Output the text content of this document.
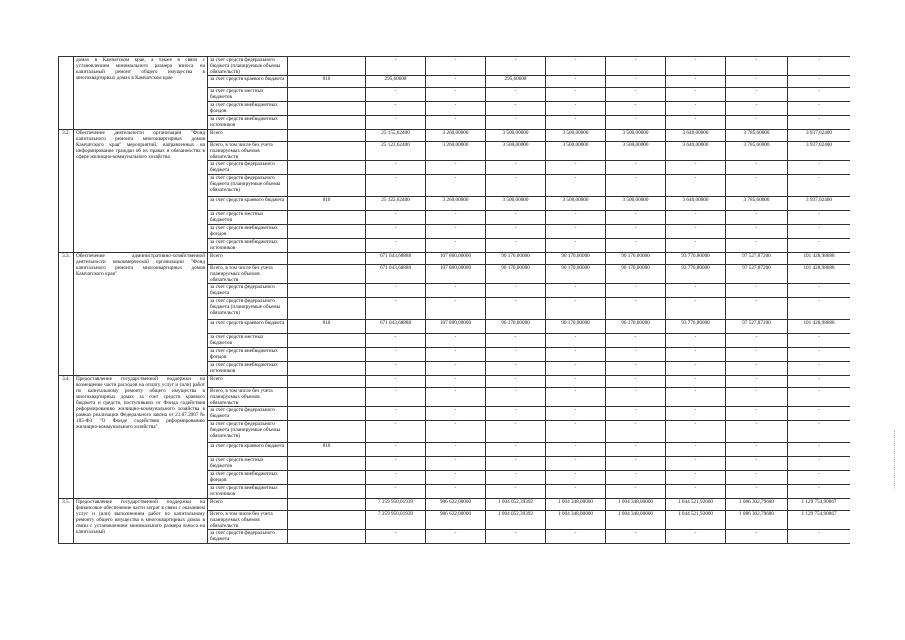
	домах в Камчатском крае, а также в связи с установлением минимального размера взноса на капитальный ремонт общего имущества в многоквартирных домах в Камчатском крае	за счет средств федерального бюджета (планируемые объемы обязательств)		-	-	-	-	-	-	-	-
		за счет средств краевого бюджета	810	295,60608	-	295,60608	-	-	-	-	-
		за счет средств местных бюджетов		-	-	-	-	-	-	-	-
		за счет средств внебюджетных фондов		-	-	-	-	-	-	-	-
		за счет средств внебюджетных источников		-	-	-	-	-	-	-	-
3.2.	Обеспечение деятельности организации "Фонд капитального ремонта многоквартирных домов Камчатского края" мероприятий, направленных на информирование граждан об их правах и обязанностях в сфере жилищно-коммунального хозяйства	Всего		25 155,62400	3 260,00000	3 500,00000	3 500,00000	3 500,00000	3 640,00000	3 785,60000	3 937,02400
		Всего, в том числе без учета планируемых объемов обязательств		25 122,62400	3 260,00000	3 500,00000	3 500,00000	3 500,00000	3 640,00000	3 785,60000	3 937,02400
		за счет средств федерального бюджета		-	-	-	-	-	-	-	-
		за счет средств федерального бюджета (планируемые объемы обязательств)		-	-	-	-	-	-	-	-
		за счет средств краевого бюджета	810	25 122,62400	3 260,00000	3 500,00000	3 500,00000	3 500,00000	3 640,00000	3 785,60000	3 937,02400
		за счет средств местных бюджетов		-	-	-	-	-	-	-	-
		за счет средств внебюджетных фондов		-	-	-	-	-	-	-	-
		за счет средств внебюджетных источников		-	-	-	-	-	-	-	-
3.3.	Обеспечение административно-хозяйственной деятельности некоммерческой организации "Фонд капитального ремонта многоквартирных домов Камчатского края"	Всего		671 043,68888	107 800,00000	90 170,00000	90 170,00000	90 170,00000	93 776,80000	97 527,87200	101 428,98688
		Всего, в том числе без учета планируемых объемов обязательств		671 043,68888	107 800,00000	90 170,00000	90 170,00000	90 170,00000	93 776,80000	97 527,87200	101 428,98688
		за счет средств федерального бюджета		-	-	-	-	-	-	-	-
		за счет средств федерального бюджета (планируемые объемы обязательств)		-	-	-	-	-	-	-	-
		за счет средств краевого бюджета	810	671 043,68888	107 800,00000	90 170,00000	90 170,00000	90 170,00000	93 776,80000	97 527,87200	101 428,98688
		за счет средств местных бюджетов		-	-	-	-	-	-	-	-
		за счет средств внебюджетных фондов		-	-	-	-	-	-	-	-
		за счет средств внебюджетных источников		-	-	-	-	-	-	-	-
3.4.	Предоставление государственной поддержки на возмещение части расходов на оплату услуг и (или) работ по капитальному ремонту общего имущества в многоквартирных домах за счет средств краевого бюджета и средств, поступивших от Фонда содействия реформированию жилищно-коммунального хозяйства в рамках реализации Федерального закона от 21.07.2007 № 185-ФЗ "О Фонде содействия реформированию жилищно-коммунального хозяйства"	Всего		-	-	-	-	-	-	-	-
		Всего, в том числе без учета планируемых объемов обязательств		-	-	-	-	-	-	-	-
		за счет средств федерального бюджета		-	-	-	-	-	-	-	-
		за счет средств федерального бюджета (планируемые объемы обязательств)		-	-	-	-	-	-	-	-
		за счет средств краевого бюджета	810	-	-	-	-	-	-	-	-
		за счет средств местных бюджетов		-	-	-	-	-	-	-	-
		за счет средств внебюджетных фондов		-	-	-	-	-	-	-	-
		за счет средств внебюджетных источников		-	-	-	-	-	-	-	-
3.5.	Предоставление государственной поддержки на финансовое обеспечение части затрат в связи с оказанием услуг и (или) выполнением работ по капитальному ремонту общего имущества в многоквартирных домах в связи с установлением минимального размера взноса на капитальный	Всего		7 259 950,01939	986 622,00000	1 004 052,39392	1 004 348,00000	1 004 348,00000	1 044 521,92000	1 086 302,79680	1 129 754,90867
		Всего, в том числе без учета планируемых объемов обязательств		7 259 950,01939	986 622,00000	1 004 052,39392	1 004 348,00000	1 004 348,00000	1 044 521,92000	1 086 302,79680	1 129 754,90867
		за счет средств федерального бюджета		-	-	-	-	-	-	-	-
